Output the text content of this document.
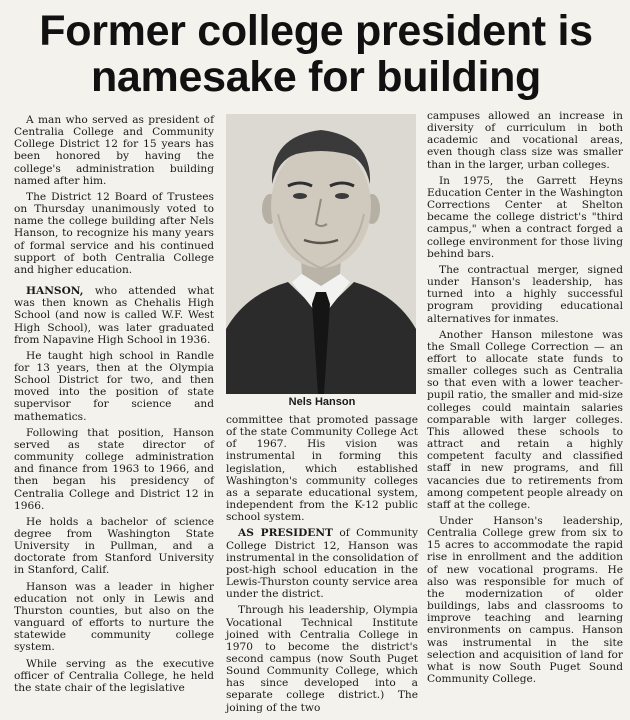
Former college president is namesake for building

A man who served as president of Centralia College and Community College District 12 for 15 years has been honored by having the college's administration building named after him.

The District 12 Board of Trustees on Thursday unanimously voted to name the college building after Nels Hanson, to recognize his many years of formal service and his continued support of both Centralia College and higher education.

HANSON, who attended what was then known as Chehalis High School (and now is called W.F. West High School), was later graduated from Napavine High School in 1936.

He taught high school in Randle for 13 years, then at the Olympia School District for two, and then moved into the position of state supervisor for science and mathematics.

Following that position, Hanson served as state director of community college administration and finance from 1963 to 1966, and then began his presidency of Centralia College and District 12 in 1966.

He holds a bachelor of science degree from Washington State University in Pullman, and a doctorate from Stanford University in Stanford, Calif.

Hanson was a leader in higher education not only in Lewis and Thurston counties, but also on the vanguard of efforts to nurture the statewide community college system.

While serving as the executive officer of Centralia College, he held the state chair of the legislative

Nels Hanson

committee that promoted passage of the state Community College Act of 1967. His vision was instrumental in forming this legislation, which established Washington's community colleges as a separate educational system, independent from the K-12 public school system.

AS PRESIDENT of Community College District 12, Hanson was instrumental in the consolidation of post-high school education in the Lewis-Thurston county service area under the district.

Through his leadership, Olympia Vocational Technical Institute joined with Centralia College in 1970 to become the district's second campus (now South Puget Sound Community College, which has since developed into a separate college district.) The joining of the two

campuses allowed an increase in diversity of curriculum in both academic and vocational areas, even though class size was smaller than in the larger, urban colleges.

In 1975, the Garrett Heyns Education Center in the Washington Corrections Center at Shelton became the college district's "third campus," when a contract forged a college environment for those living behind bars.

The contractual merger, signed under Hanson's leadership, has turned into a highly successful program providing educational alternatives for inmates.

Another Hanson milestone was the Small College Correction — an effort to allocate state funds to smaller colleges such as Centralia so that even with a lower teacher-pupil ratio, the smaller and mid-size colleges could maintain salaries comparable with larger colleges. This allowed these schools to attract and retain a highly competent faculty and classified staff in new programs, and fill vacancies due to retirements from among competent people already on staff at the college.

Under Hanson's leadership, Centralia College grew from six to 15 acres to accommodate the rapid rise in enrollment and the addition of new vocational programs. He also was responsible for much of the modernization of older buildings, labs and classrooms to improve teaching and learning environments on campus. Hanson was instrumental in the site selection and acquisition of land for what is now South Puget Sound Community College.
